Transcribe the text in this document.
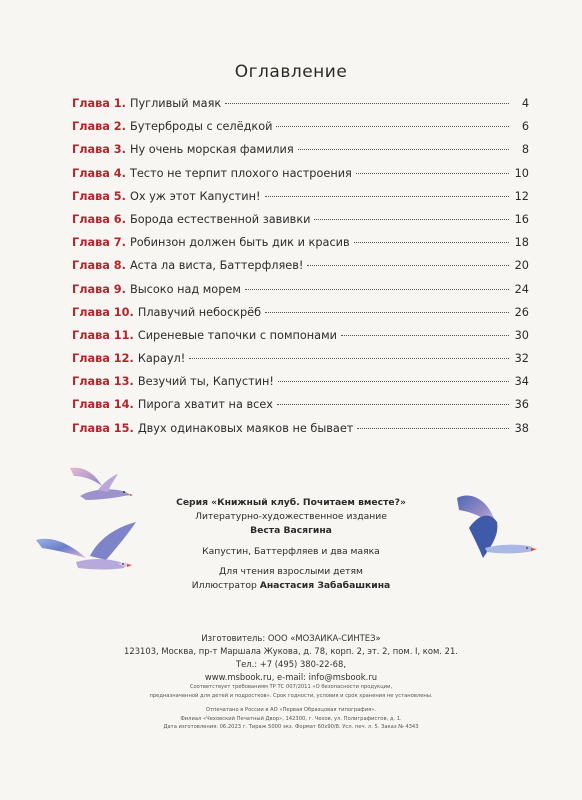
Оглавление
Глава 1. Пугливый маяк	4
Глава 2. Бутерброды с селёдкой	6
Глава 3. Ну очень морская фамилия	8
Глава 4. Тесто не терпит плохого настроения	10
Глава 5. Ох уж этот Капустин!	12
Глава 6. Борода естественной завивки	16
Глава 7. Робинзон должен быть дик и красив	18
Глава 8. Аста ла виста, Баттерфляев!	20
Глава 9. Высоко над морем	24
Глава 10. Плавучий небоскрёб	26
Глава 11. Сиреневые тапочки с помпонами	30
Глава 12. Караул!	32
Глава 13. Везучий ты, Капустин!	34
Глава 14. Пирога хватит на всех	36
Глава 15. Двух одинаковых маяков не бывает	38
Серия «Книжный клуб. Почитаем вместе?»
Литературно-художественное издание
Веста Васягина
Капустин, Баттерфляев и два маяка
Для чтения взрослыми детям
Иллюстратор Анастасия Забабашкина
Изготовитель: ООО «МОЗАИКА-СИНТЕЗ»
123103, Москва, пр-т Маршала Жукова, д. 78, корп. 2, эт. 2, пом. I, ком. 21.
Тел.: +7 (495) 380-22-68,
www.msbook.ru, e-mail: info@msbook.ru
Соответствует требованиям ТР ТС 007/2011 «О безопасности продукции,
предназначенной для детей и подростков». Срок годности, условия и срок хранения не установлены.
Отпечатано в России в АО «Первая Образцовая типография».
Филиал «Чеховский Печатный Двор», 142300, г. Чехов, ул. Полиграфистов, д. 1.
Дата изготовления: 06.2023 г. Тираж 5000 экз. Формат 60х90/8. Усл. печ. л. 5. Заказ № 4343
